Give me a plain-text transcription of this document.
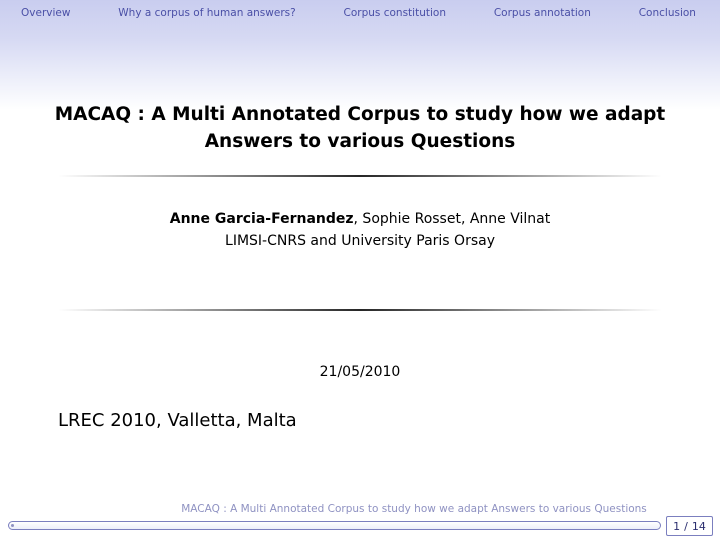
Overview	Why a corpus of human answers?	Corpus constitution	Corpus annotation	Conclusion
MACAQ : A Multi Annotated Corpus to study how we adapt
Answers to various Questions
Anne Garcia-Fernandez, Sophie Rosset, Anne Vilnat
LIMSI-CNRS and University Paris Orsay
21/05/2010
LREC 2010, Valletta, Malta
MACAQ : A Multi Annotated Corpus to study how we adapt Answers to various Questions
1 / 14
